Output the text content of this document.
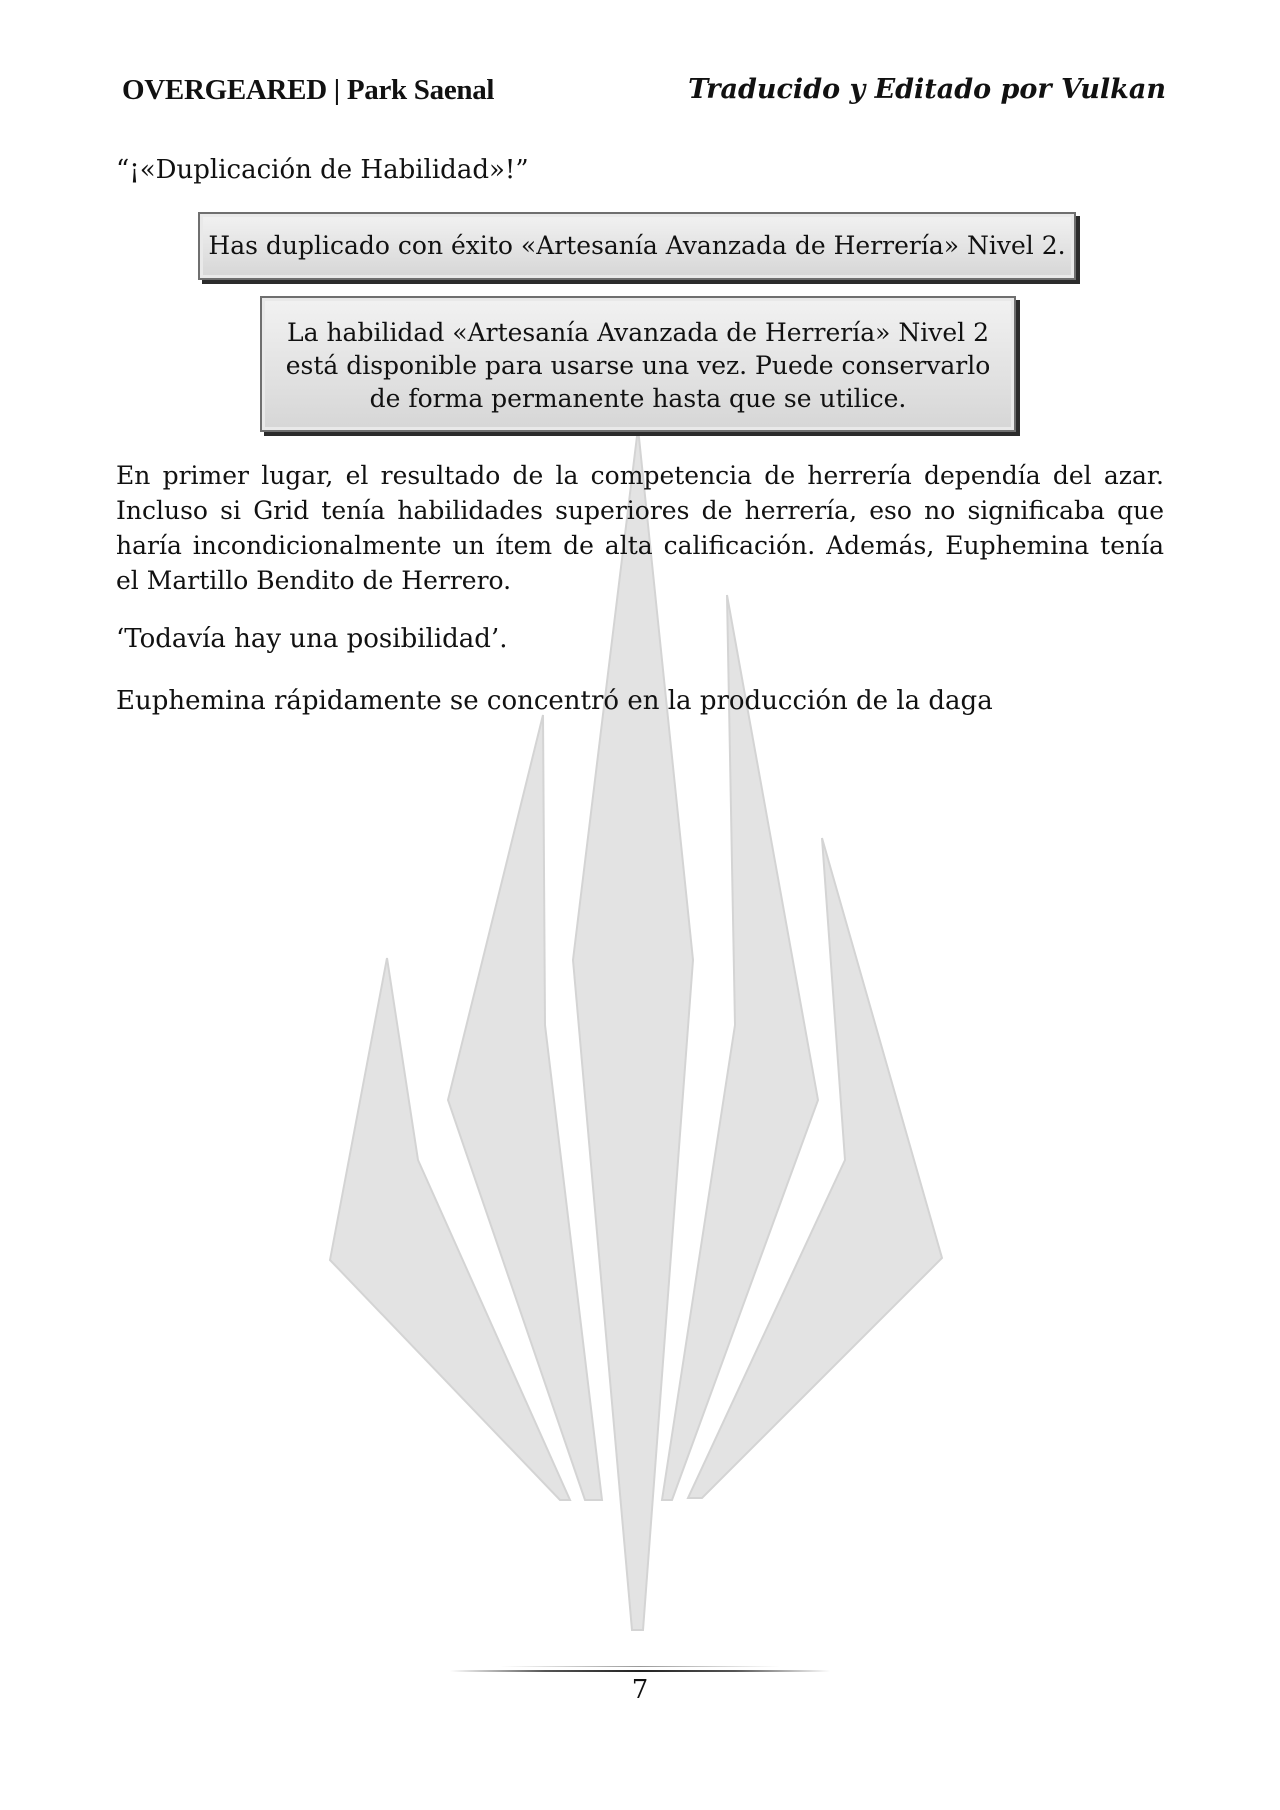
OVERGEARED | Park Saenal	Traducido y Editado por Vulkan
“¡«Duplicación de Habilidad»!”
Has duplicado con éxito «Artesanía Avanzada de Herrería» Nivel 2.
La habilidad «Artesanía Avanzada de Herrería» Nivel 2
está disponible para usarse una vez. Puede conservarlo
de forma permanente hasta que se utilice.
En primer lugar, el resultado de la competencia de herrería dependía del azar. Incluso si Grid tenía habilidades superiores de herrería, eso no significaba que haría incondicionalmente un ítem de alta calificación. Además, Euphemina tenía el Martillo Bendito de Herrero.
‘Todavía hay una posibilidad’.
Euphemina rápidamente se concentró en la producción de la daga
7
